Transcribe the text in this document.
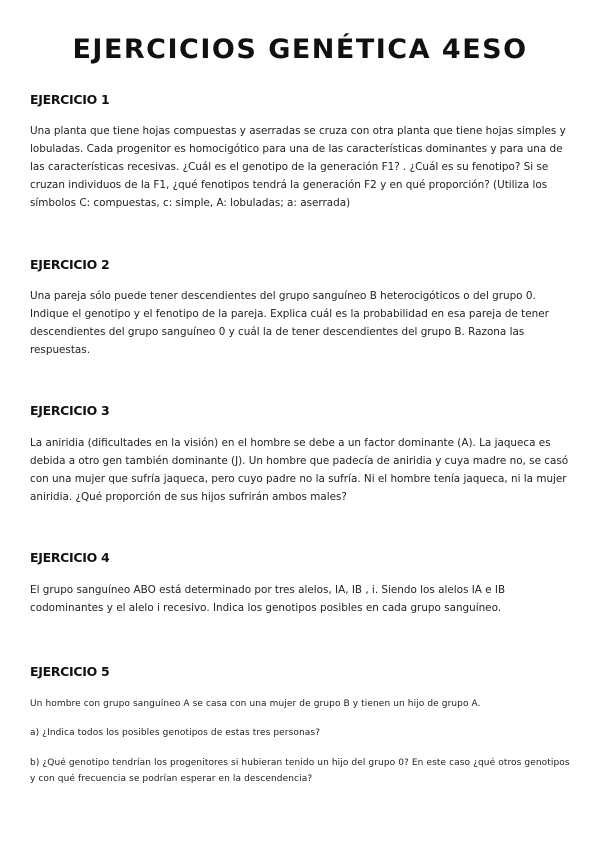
EJERCICIOS GENÉTICA 4ESO
EJERCICIO 1
Una planta que tiene hojas compuestas y aserradas se cruza con otra planta que tiene hojas simples y lobuladas. Cada progenitor es homocigótico para una de las características dominantes y para una de las características recesivas. ¿Cuál es el genotipo de la generación F1? . ¿Cuál es su fenotipo? Si se cruzan individuos de la F1, ¿qué fenotipos tendrá la generación F2 y en qué proporción? (Utiliza los símbolos C: compuestas, c: simple, A: lobuladas; a: aserrada)
EJERCICIO 2
Una pareja sólo puede tener descendientes del grupo sanguíneo B heterocigóticos o del grupo 0. Indique el genotipo y el fenotipo de la pareja. Explica cuál es la probabilidad en esa pareja de tener descendientes del grupo sanguíneo 0 y cuál la de tener descendientes del grupo B. Razona las respuestas.
EJERCICIO 3
La aniridia (dificultades en la visión) en el hombre se debe a un factor dominante (A). La jaqueca es debida a otro gen también dominante (J). Un hombre que padecía de aniridia y cuya madre no, se casó con una mujer que sufría jaqueca, pero cuyo padre no la sufría. Ni el hombre tenía jaqueca, ni la mujer aniridia. ¿Qué proporción de sus hijos sufrirán ambos males?
EJERCICIO 4
El grupo sanguíneo ABO está determinado por tres alelos, IA, IB , i. Siendo los alelos IA e IB codominantes y el alelo i recesivo. Indica los genotipos posibles en cada grupo sanguíneo.
EJERCICIO 5
Un hombre con grupo sanguíneo A se casa con una mujer de grupo B y tienen un hijo de grupo A.
a) ¿Indica todos los posibles genotipos de estas tres personas?
b) ¿Qué genotipo tendrían los progenitores si hubieran tenido un hijo del grupo 0? En este caso ¿qué otros genotipos y con qué frecuencia se podrían esperar en la descendencia?
